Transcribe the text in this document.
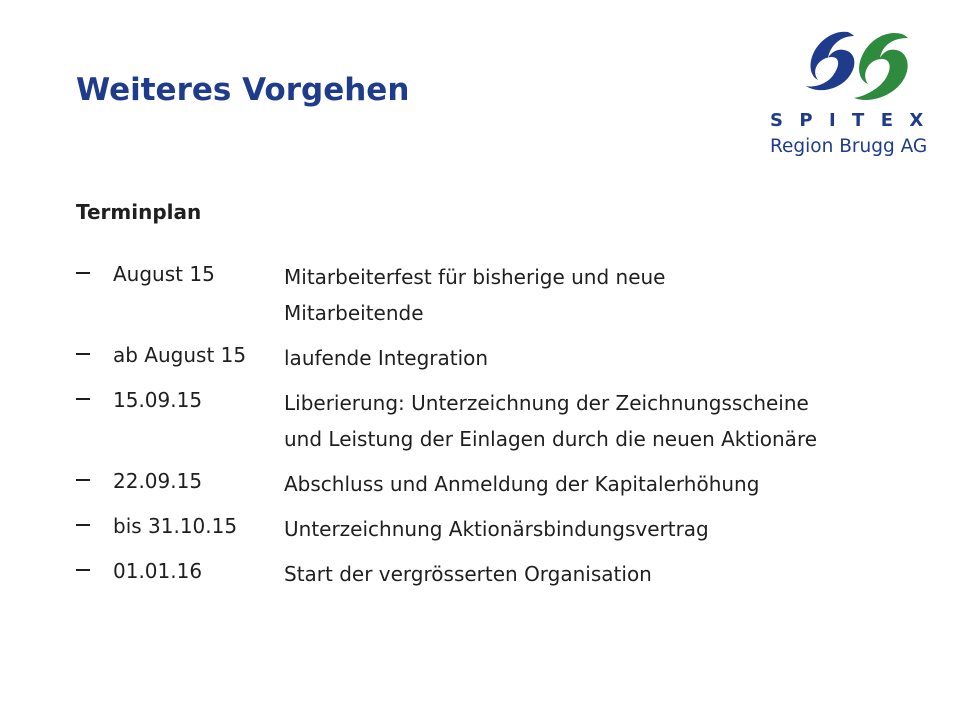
Weiteres Vorgehen
SPITEX
Region Brugg AG
Terminplan
August 15	Mitarbeiterfest für bisherige und neue
Mitarbeitende
ab August 15 laufende Integration
15.09.15	Liberierung: Unterzeichnung der Zeichnungsscheine
und Leistung der Einlagen durch die neuen Aktionäre
22.09.15	Abschluss und Anmeldung der Kapitalerhöhung
bis 31.10.15 Unterzeichnung Aktionärsbindungsvertrag
01.01.16	Start der vergrösserten Organisation
